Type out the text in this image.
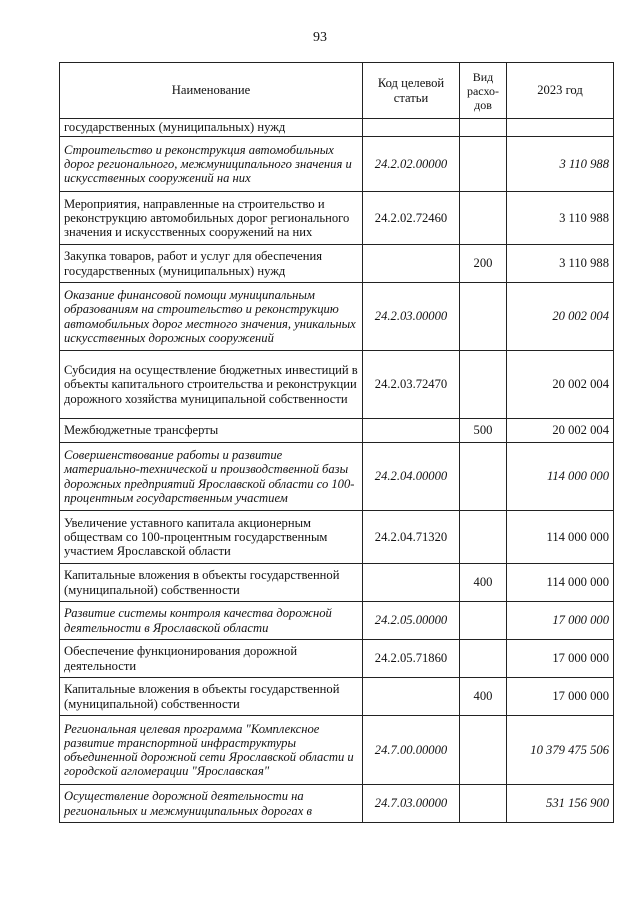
93
Наименование	Код целевой статьи	Вид расхо-дов	2023 год
государственных (муниципальных) нужд			
Строительство и реконструкция автомобильных дорог регионального, межмуниципального значения и искусственных сооружений на них	24.2.02.00000		3 110 988
Мероприятия, направленные на строительство и реконструкцию автомобильных дорог регионального значения и искусственных сооружений на них	24.2.02.72460		3 110 988
Закупка товаров, работ и услуг для обеспечения государственных (муниципальных) нужд		200	3 110 988
Оказание финансовой помощи муниципальным образованиям на строительство и реконструкцию автомобильных дорог местного значения, уникальных искусственных дорожных сооружений	24.2.03.00000		20 002 004
Субсидия на осуществление бюджетных инвестиций в объекты капитального строительства и реконструкции дорожного хозяйства муниципальной собственности	24.2.03.72470		20 002 004
Межбюджетные трансферты		500	20 002 004
Совершенствование работы и развитие материально-технической и производственной базы дорожных предприятий Ярославской области со 100-процентным государственным участием	24.2.04.00000		114 000 000
Увеличение уставного капитала акционерным обществам со 100-процентным государственным участием Ярославской области	24.2.04.71320		114 000 000
Капитальные вложения в объекты государственной (муниципальной) собственности		400	114 000 000
Развитие системы контроля качества дорожной деятельности в Ярославской области	24.2.05.00000		17 000 000
Обеспечение функционирования дорожной деятельности	24.2.05.71860		17 000 000
Капитальные вложения в объекты государственной (муниципальной) собственности		400	17 000 000
Региональная целевая программа "Комплексное развитие транспортной инфраструктуры объединенной дорожной сети Ярославской области и городской агломерации "Ярославская"	24.7.00.00000		10 379 475 506
Осуществление дорожной деятельности на региональных и межмуниципальных дорогах в	24.7.03.00000		531 156 900
